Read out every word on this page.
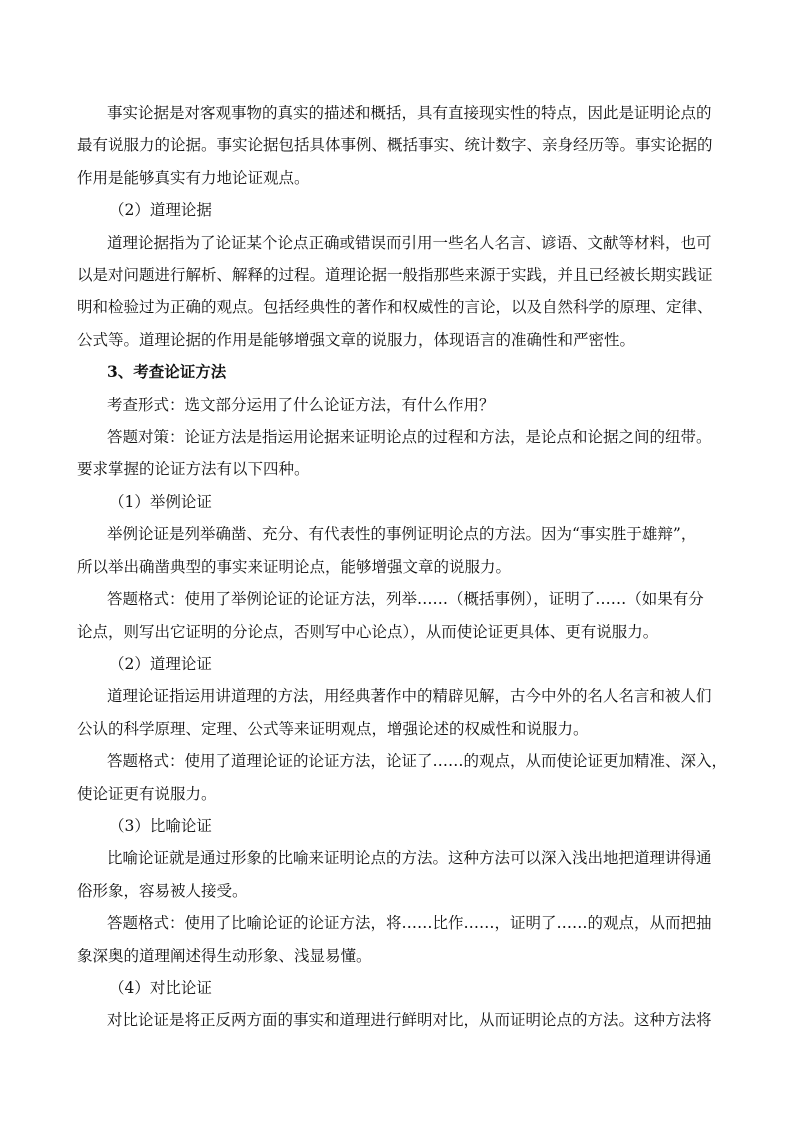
事实论据是对客观事物的真实的描述和概括，具有直接现实性的特点，因此是证明论点的

最有说服力的论据。事实论据包括具体事例、概括事实、统计数字、亲身经历等。事实论据的

作用是能够真实有力地论证观点。

（2）道理论据

道理论据指为了论证某个论点正确或错误而引用一些名人名言、谚语、文献等材料，也可

以是对问题进行解析、解释的过程。道理论据一般指那些来源于实践，并且已经被长期实践证

明和检验过为正确的观点。包括经典性的著作和权威性的言论，以及自然科学的原理、定律、

公式等。道理论据的作用是能够增强文章的说服力，体现语言的准确性和严密性。

3、考查论证方法

考查形式：选文部分运用了什么论证方法，有什么作用？

答题对策：论证方法是指运用论据来证明论点的过程和方法，是论点和论据之间的纽带。

要求掌握的论证方法有以下四种。

（1）举例论证

举例论证是列举确凿、充分、有代表性的事例证明论点的方法。因为“事实胜于雄辩”，

所以举出确凿典型的事实来证明论点，能够增强文章的说服力。

答题格式：使用了举例论证的论证方法，列举……（概括事例），证明了……（如果有分

论点，则写出它证明的分论点，否则写中心论点），从而使论证更具体、更有说服力。

（2）道理论证

道理论证指运用讲道理的方法，用经典著作中的精辟见解，古今中外的名人名言和被人们

公认的科学原理、定理、公式等来证明观点，增强论述的权威性和说服力。

答题格式：使用了道理论证的论证方法，论证了……的观点，从而使论证更加精准、深入，

使论证更有说服力。

（3）比喻论证

比喻论证就是通过形象的比喻来证明论点的方法。这种方法可以深入浅出地把道理讲得通

俗形象，容易被人接受。

答题格式：使用了比喻论证的论证方法，将……比作……，证明了……的观点，从而把抽

象深奥的道理阐述得生动形象、浅显易懂。

（4）对比论证

对比论证是将正反两方面的事实和道理进行鲜明对比，从而证明论点的方法。这种方法将
